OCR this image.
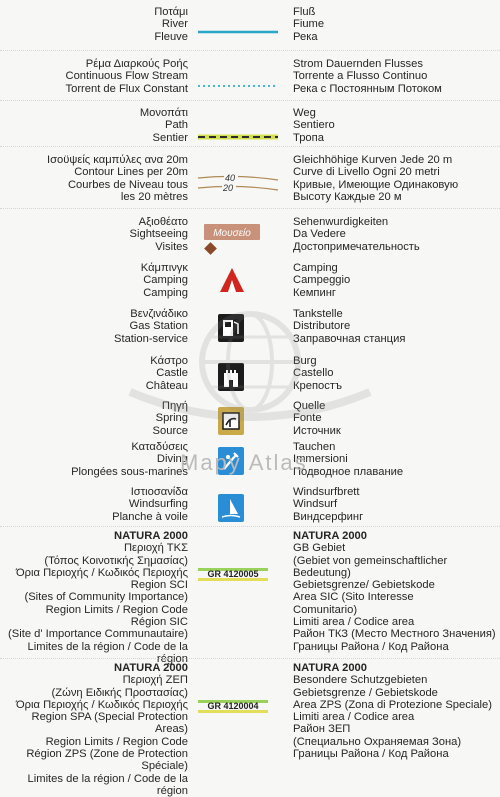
Ποτάμι
River
Fleuve
Fluß
Fiume
Река
Ρέμα Διαρκούς Ροής
Continuous Flow Stream
Torrent de Flux Constant
Strom Dauernden Flusses
Torrente a Flusso Continuo
Река с Постоянным Потоком
Μονοπάτι
Path
Sentier
Weg
Sentiero
Тропа
Ισοϋψείς καμπύλες ανα 20m
Contour Lines per 20m
Courbes de Niveau tous
les 20 mètres
Gleichhöhige Kurven Jede 20 m
Curve di Livello Ogni 20 metri
Кривые, Имеющие Одинаковую
Высоту Каждые 20 м
40
20
Αξιοθέατο
Sightseeing
Visites
Sehenwurdigkeiten
Da Vedere
Достопримечательность
Μουσείο
Κάμπινγκ
Camping
Camping
Camping
Campeggio
Кемпинг
Βενζινάδικο
Gas Station
Station-service
Tankstelle
Distributore
Заправочная станция
Κάστρο
Castle
Château
Burg
Castello
Крепостъ
Πηγή
Spring
Source
Quelle
Fonte
Источник
Καταδύσεις
Diving
Plongées sous-marines
Tauchen
Immersioni
Подводное плавание
Ιστιοσανίδα
Windsurfing
Planche à voile
Windsurfbrett
Windsurf
Виндсерфинг
NATURA 2000
Περιοχή ΤΚΣ
(Τόπος Κοινοτικής Σημασίας)
Όρια Περιοχής / Κωδικός Περιοχής
Region SCI
(Sites of Community Importance)
Region Limits / Region Code
Région SIC
(Site d' Importance Communautaire)
Limites de la région / Code de la région
NATURA 2000
GB Gebiet
(Gebiet von gemeinschaftlicher
Bedeutung)
Gebietsgrenze/ Gebietskode
Area SIC (Sito Interesse
Comunitario)
Limiti area / Codice area
Район ТКЗ (Место Местного Значения)
Границы Района / Код Района
GR 4120005
NATURA 2000
Περιοχή ΖΕΠ
(Ζώνη Ειδικής Προστασίας)
Όρια Περιοχής / Κωδικός Περιοχής
Region SPA (Special Protection Areas)
Region Limits / Region Code
Région ZPS (Zone de Protection Spéciale)
Limites de la région / Code de la région
NATURA 2000
Besondere Schutzgebieten
Gebietsgrenze / Gebietskode
Area ZPS (Zona di Protezione Speciale)
Limiti area / Codice area
Район ЗЕП
(Специально Охраняемая Зона)
Границы Района / Код Района
GR 4120004
Mapy Atlas
